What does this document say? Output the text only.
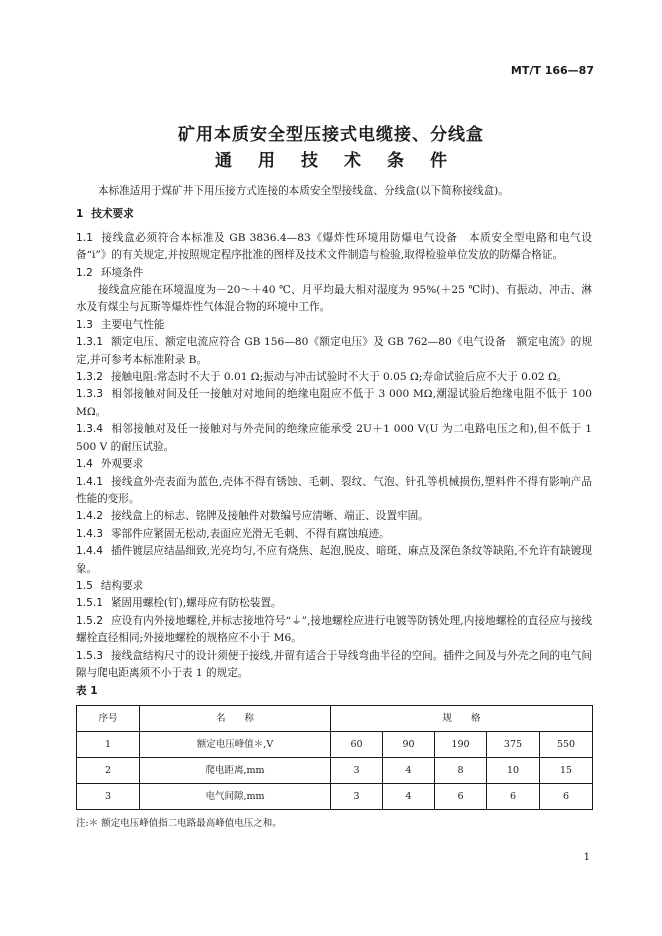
MT/T 166—87
矿用本质安全型压接式电缆接、分线盒
通用技术条件

本标准适用于煤矿井下用压接方式连接的本质安全型接线盒、分线盒(以下简称接线盒)。

1 技术要求

1.1 接线盒必须符合本标准及 GB 3836.4—83《爆炸性环境用防爆电气设备　本质安全型电路和电气设备“i”》的有关规定,并按照规定程序批准的图样及技术文件制造与检验,取得检验单位发放的防爆合格证。

1.2 环境条件

接线盒应能在环境温度为－20～＋40 ℃、月平均最大相对湿度为 95%(＋25 ℃时)、有振动、冲击、淋水及有煤尘与瓦斯等爆炸性气体混合物的环境中工作。

1.3 主要电气性能

1.3.1 额定电压、额定电流应符合 GB 156—80《额定电压》及 GB 762—80《电气设备　额定电流》的规定,并可参考本标准附录 B。

1.3.2 接触电阻:常态时不大于 0.01 Ω;振动与冲击试验时不大于 0.05 Ω;寿命试验后应不大于 0.02 Ω。

1.3.3 相邻接触对间及任一接触对对地间的绝缘电阻应不低于 3 000 MΩ,潮湿试验后绝缘电阻不低于 100 MΩ。

1.3.4 相邻接触对及任一接触对与外壳间的绝缘应能承受 2U＋1 000 V(U 为二电路电压之和),但不低于 1 500 V 的耐压试验。

1.4 外观要求

1.4.1 接线盒外壳表面为蓝色,壳体不得有锈蚀、毛刺、裂纹、气泡、针孔等机械损伤,塑料件不得有影响产品性能的变形。

1.4.2 接线盒上的标志、铭牌及接触件对数编号应清晰、端正、设置牢固。

1.4.3 零部件应紧固无松动,表面应光滑无毛刺、不得有腐蚀痕迹。

1.4.4 插件镀层应结晶细致,光亮均匀,不应有烧焦、起泡,脱皮、暗斑、麻点及深色条纹等缺陷,不允许有缺镀现象。

1.5 结构要求

1.5.1 紧固用螺栓(钉),螺母应有防松装置。

1.5.2 应设有内外接地螺栓,并标志接地符号“⏚”,接地螺栓应进行电镀等防锈处理,内接地螺栓的直径应与接线螺栓直径相同;外接地螺栓的规格应不小于 M6。

1.5.3 接线盒结构尺寸的设计须便于接线,并留有适合于导线弯曲半径的空间。插件之间及与外壳之间的电气间隙与爬电距离须不小于表 1 的规定。

表 1

序号	名　　称	规　　格				
1	额定电压峰值＊,V	60	90	190	375	550
2	爬电距离,mm	3	4	8	10	15
3	电气间隙,mm	3	4	6	6	6

注:＊ 额定电压峰值指二电路最高峰值电压之和。

1
